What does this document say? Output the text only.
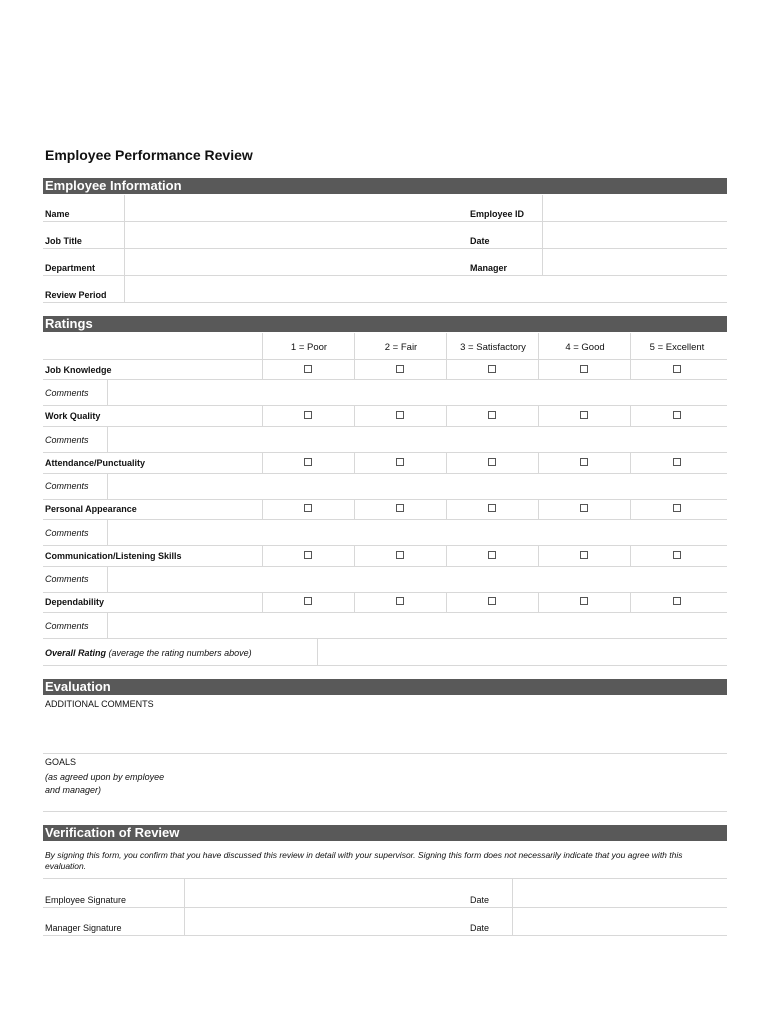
Employee Performance Review
Employee Information
Name	Employee ID
Job Title	Date
Department	Manager
Review Period
Ratings
1 = Poor	2 = Fair	3 = Satisfactory	4 = Good	5 = Excellent
Job Knowledge
Comments
Work Quality
Comments
Attendance/Punctuality
Comments
Personal Appearance
Comments
Communication/Listening Skills
Comments
Dependability
Comments
Overall Rating (average the rating numbers above)
Evaluation
ADDITIONAL COMMENTS
GOALS
(as agreed upon by employee
and manager)
Verification of Review
By signing this form, you confirm that you have discussed this review in detail with your supervisor. Signing this form does not necessarily indicate that you agree with this evaluation.
Employee Signature	Date
Manager Signature	Date
